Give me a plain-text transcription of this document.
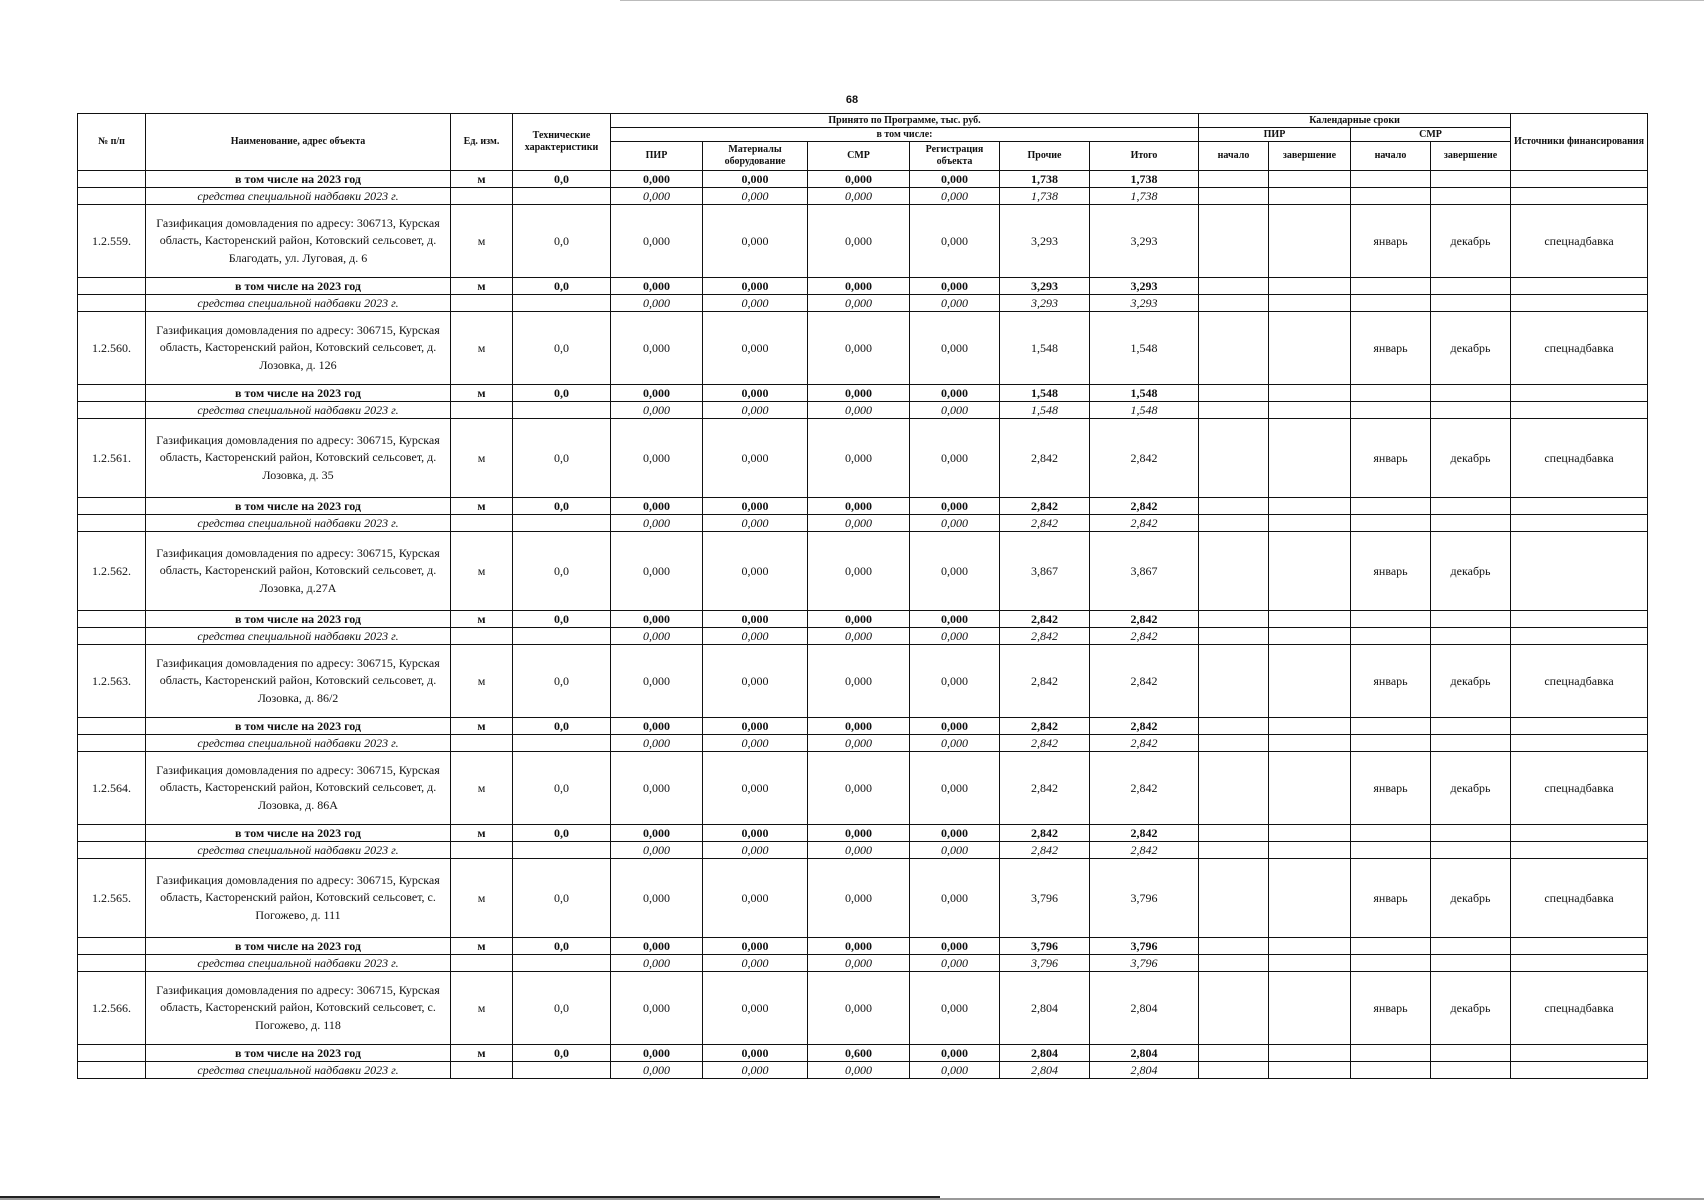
68
№ п/п	Наименование, адрес объекта	Ед. изм.	Технические характеристики	Принято по Программе, тыс. руб.						Календарные сроки				Источники финансирования
				в том числе:						ПИР		СМР		
				ПИР	Материалы оборудование	СМР	Регистрация объекта	Прочие	Итого	начало	завершение	начало	завершение	
	в том числе на 2023 год	м	0,0	0,000	0,000	0,000	0,000	1,738	1,738					
	средства специальной надбавки 2023 г.			0,000	0,000	0,000	0,000	1,738	1,738					
1.2.559.	Газификация домовладения по адресу: 306713, Курская область, Касторенский район, Котовский сельсовет, д. Благодать, ул. Луговая, д. 6	м	0,0	0,000	0,000	0,000	0,000	3,293	3,293			январь	декабрь	спецнадбавка
	в том числе на 2023 год	м	0,0	0,000	0,000	0,000	0,000	3,293	3,293					
	средства специальной надбавки 2023 г.			0,000	0,000	0,000	0,000	3,293	3,293					
1.2.560.	Газификация домовладения по адресу: 306715, Курская область, Касторенский район, Котовский сельсовет, д. Лозовка, д. 126	м	0,0	0,000	0,000	0,000	0,000	1,548	1,548			январь	декабрь	спецнадбавка
	в том числе на 2023 год	м	0,0	0,000	0,000	0,000	0,000	1,548	1,548					
	средства специальной надбавки 2023 г.			0,000	0,000	0,000	0,000	1,548	1,548					
1.2.561.	Газификация домовладения по адресу: 306715, Курская область, Касторенский район, Котовский сельсовет, д. Лозовка, д. 35	м	0,0	0,000	0,000	0,000	0,000	2,842	2,842			январь	декабрь	спецнадбавка
	в том числе на 2023 год	м	0,0	0,000	0,000	0,000	0,000	2,842	2,842					
	средства специальной надбавки 2023 г.			0,000	0,000	0,000	0,000	2,842	2,842					
1.2.562.	Газификация домовладения по адресу: 306715, Курская область, Касторенский район, Котовский сельсовет, д. Лозовка, д.27А	м	0,0	0,000	0,000	0,000	0,000	3,867	3,867			январь	декабрь	
	в том числе на 2023 год	м	0,0	0,000	0,000	0,000	0,000	2,842	2,842					
	средства специальной надбавки 2023 г.			0,000	0,000	0,000	0,000	2,842	2,842					
1.2.563.	Газификация домовладения по адресу: 306715, Курская область, Касторенский район, Котовский сельсовет, д. Лозовка, д. 86/2	м	0,0	0,000	0,000	0,000	0,000	2,842	2,842			январь	декабрь	спецнадбавка
	в том числе на 2023 год	м	0,0	0,000	0,000	0,000	0,000	2,842	2,842					
	средства специальной надбавки 2023 г.			0,000	0,000	0,000	0,000	2,842	2,842					
1.2.564.	Газификация домовладения по адресу: 306715, Курская область, Касторенский район, Котовский сельсовет, д. Лозовка, д. 86А	м	0,0	0,000	0,000	0,000	0,000	2,842	2,842			январь	декабрь	спецнадбавка
	в том числе на 2023 год	м	0,0	0,000	0,000	0,000	0,000	2,842	2,842					
	средства специальной надбавки 2023 г.			0,000	0,000	0,000	0,000	2,842	2,842					
1.2.565.	Газификация домовладения по адресу: 306715, Курская область, Касторенский район, Котовский сельсовет, с. Погожево, д. 111	м	0,0	0,000	0,000	0,000	0,000	3,796	3,796			январь	декабрь	спецнадбавка
	в том числе на 2023 год	м	0,0	0,000	0,000	0,000	0,000	3,796	3,796					
	средства специальной надбавки 2023 г.			0,000	0,000	0,000	0,000	3,796	3,796					
1.2.566.	Газификация домовладения по адресу: 306715, Курская область, Касторенский район, Котовский сельсовет, с. Погожево, д. 118	м	0,0	0,000	0,000	0,000	0,000	2,804	2,804			январь	декабрь	спецнадбавка
	в том числе на 2023 год	м	0,0	0,000	0,000	0,600	0,000	2,804	2,804					
	средства специальной надбавки 2023 г.			0,000	0,000	0,000	0,000	2,804	2,804					
